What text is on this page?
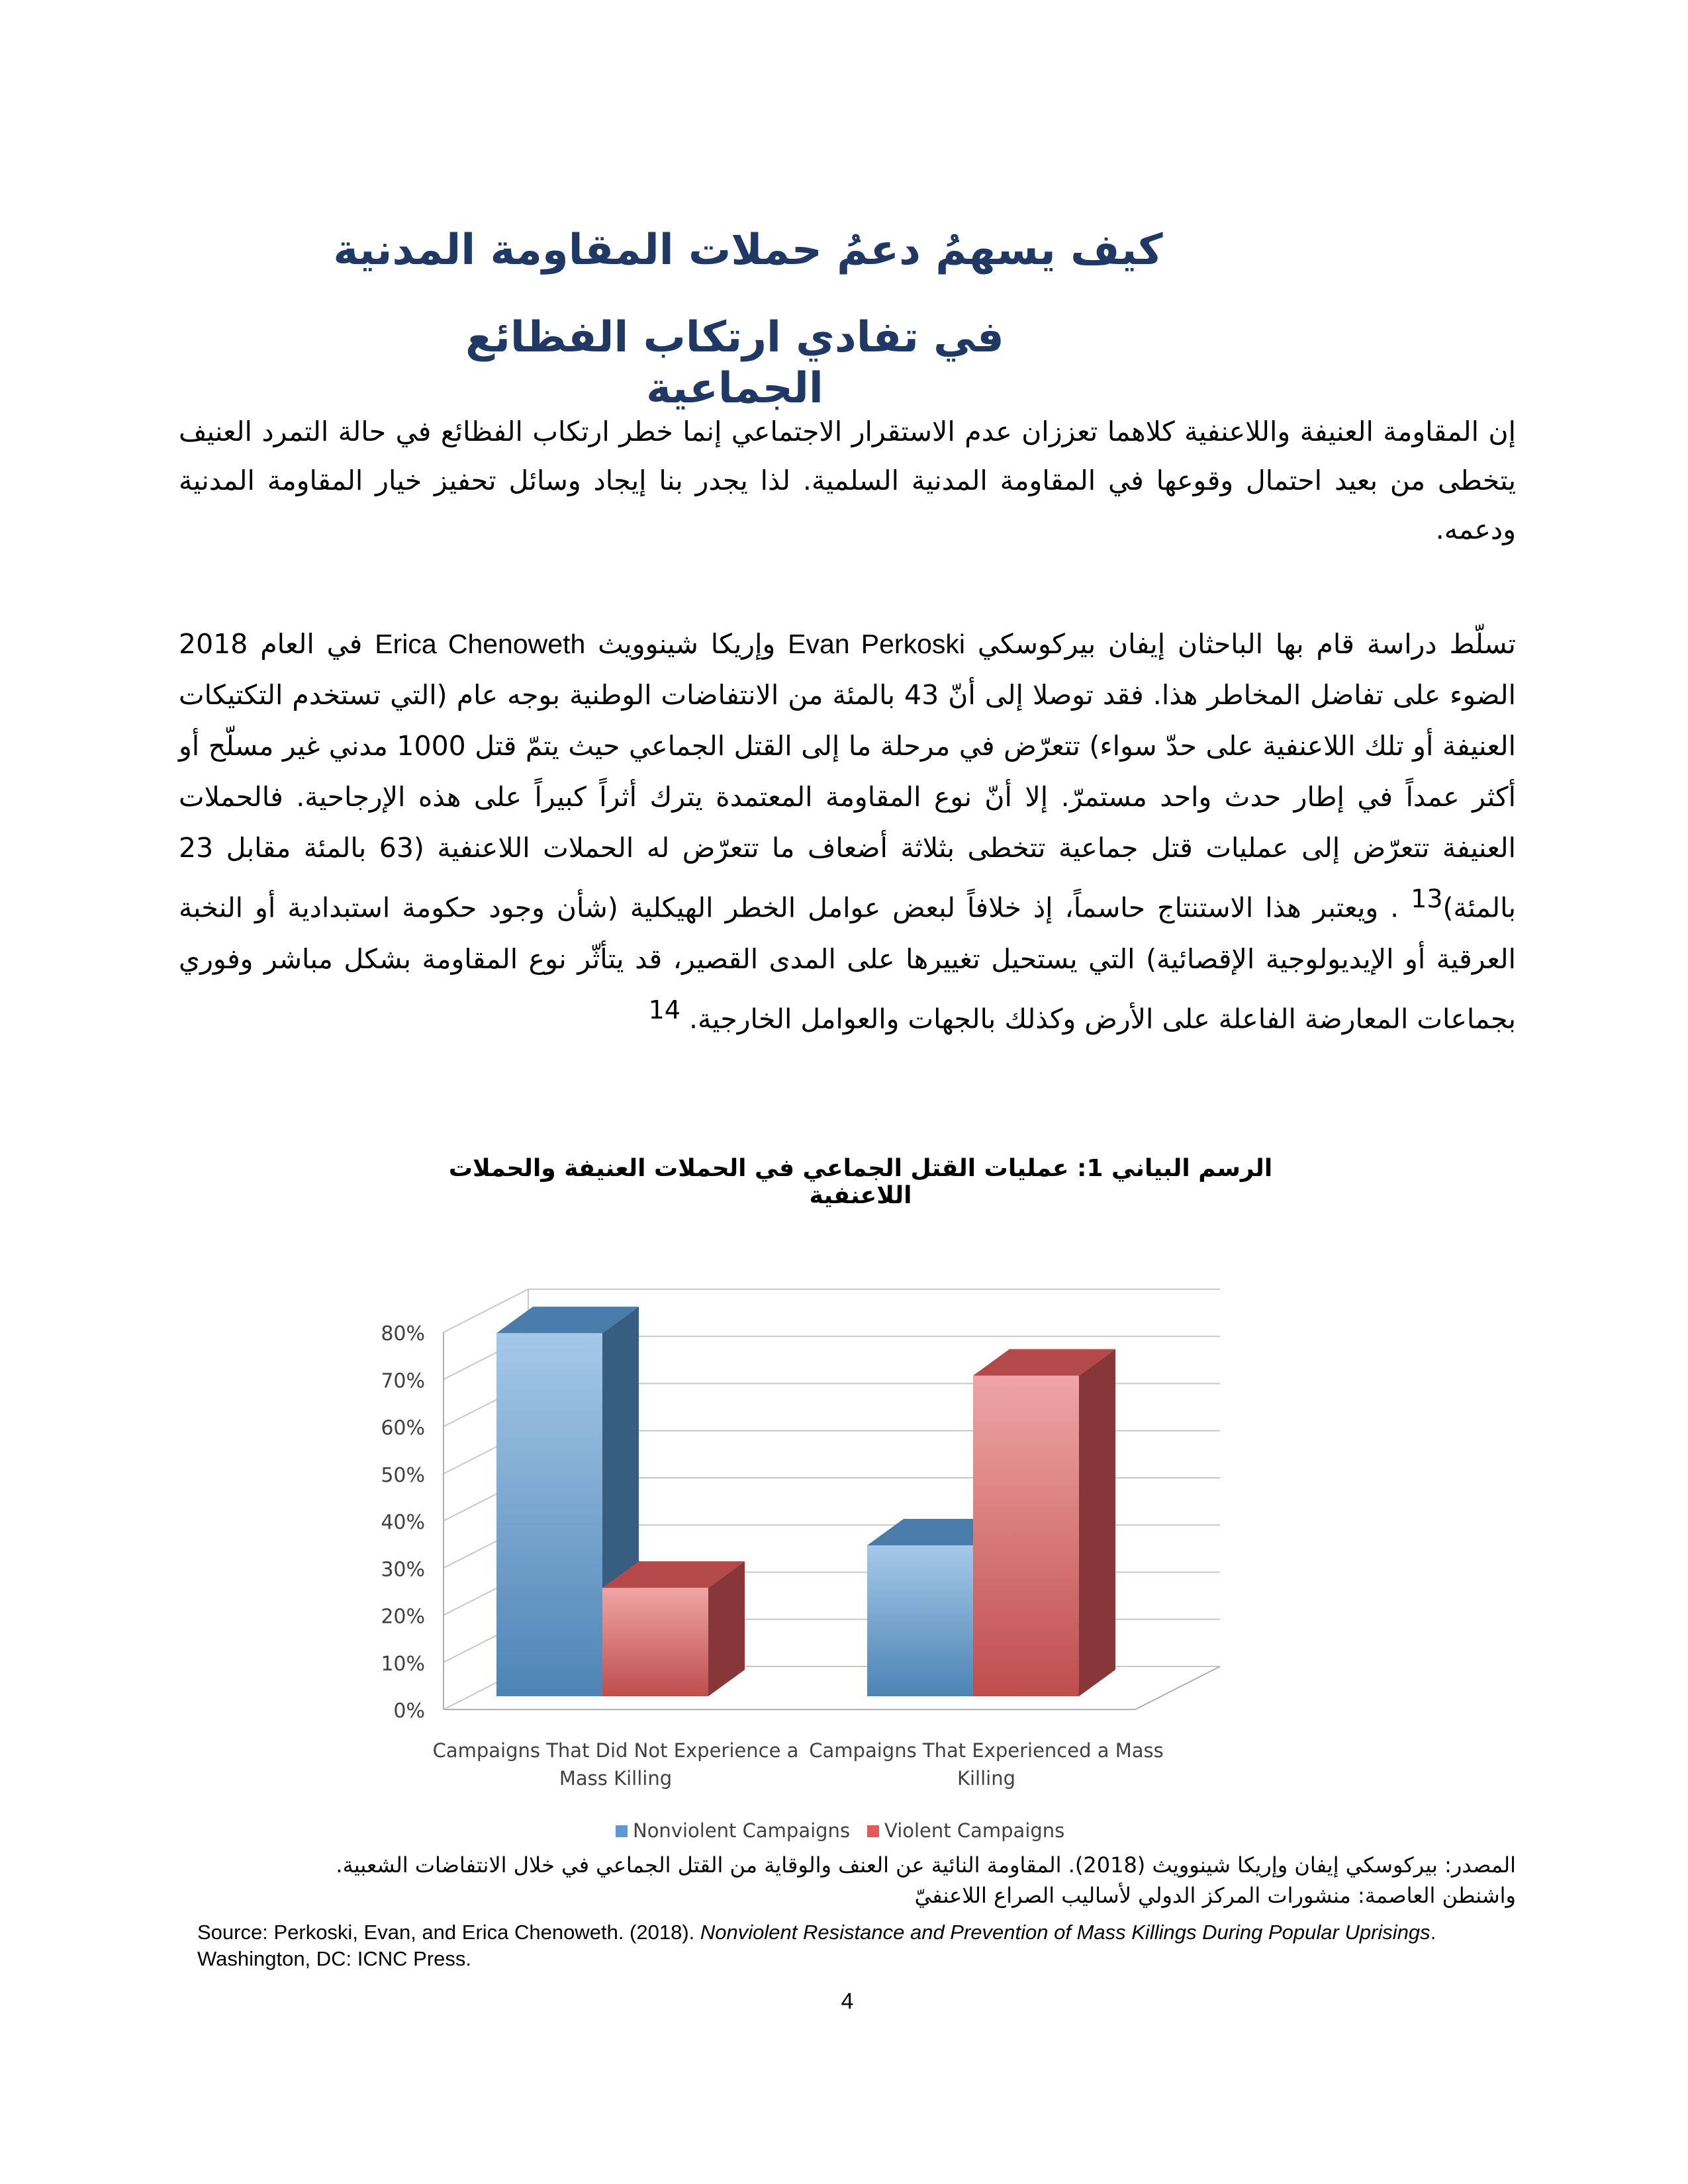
كيف يسهمُ دعمُ حملات المقاومة المدنية
في تفادي ارتكاب الفظائع الجماعية
إن المقاومة العنيفة واللاعنفية كلاهما تعززان عدم الاستقرار الاجتماعي إنما خطر ارتكاب الفظائع في حالة التمرد العنيف يتخطى من بعيد احتمال وقوعها في المقاومة المدنية السلمية. لذا يجدر بنا إيجاد وسائل تحفيز خيار المقاومة المدنية ودعمه.
تسلّط دراسة قام بها الباحثان إيفان بيركوسكي Evan Perkoski وإريكا شينوويث Erica Chenoweth في العام 2018 الضوء على تفاضل المخاطر هذا. فقد توصلا إلى أنّ 43 بالمئة من الانتفاضات الوطنية بوجه عام (التي تستخدم التكتيكات العنيفة أو تلك اللاعنفية على حدّ سواء) تتعرّض في مرحلة ما إلى القتل الجماعي حيث يتمّ قتل 1000 مدني غير مسلّح أو أكثر عمداً في إطار حدث واحد مستمرّ. إلا أنّ نوع المقاومة المعتمدة يترك أثراً كبيراً على هذه الإرجاحية. فالحملات العنيفة تتعرّض إلى عمليات قتل جماعية تتخطى بثلاثة أضعاف ما تتعرّض له الحملات اللاعنفية (63 بالمئة مقابل 23 بالمئة)$^{13}$ . ويعتبر هذا الاستنتاج حاسماً، إذ خلافاً لبعض عوامل الخطر الهيكلية (شأن وجود حكومة استبدادية أو النخبة العرقية أو الإيديولوجية الإقصائية) التي يستحيل تغييرها على المدى القصير، قد يتأثّر نوع المقاومة بشكل مباشر وفوري بجماعات المعارضة الفاعلة على الأرض وكذلك بالجهات والعوامل الخارجية. $^{14}$
الرسم البياني 1: عمليات القتل الجماعي في الحملات العنيفة والحملات اللاعنفية
0%
10%
20%
30%
40%
50%
60%
70%
80%
Campaigns That Did Not Experience a
Mass Killing
Campaigns That Experienced a Mass
Killing
Nonviolent Campaigns Violent Campaigns
المصدر: بيركوسكي إيفان وإريكا شينوويث (2018). المقاومة النائية عن العنف والوقاية من القتل الجماعي في خلال الانتفاضات الشعبية.
واشنطن العاصمة: منشورات المركز الدولي لأساليب الصراع اللاعنفيّ
Source: Perkoski, Evan, and Erica Chenoweth. (2018). Nonviolent Resistance and Prevention of Mass Killings During Popular Uprisings. Washington, DC: ICNC Press.
4
